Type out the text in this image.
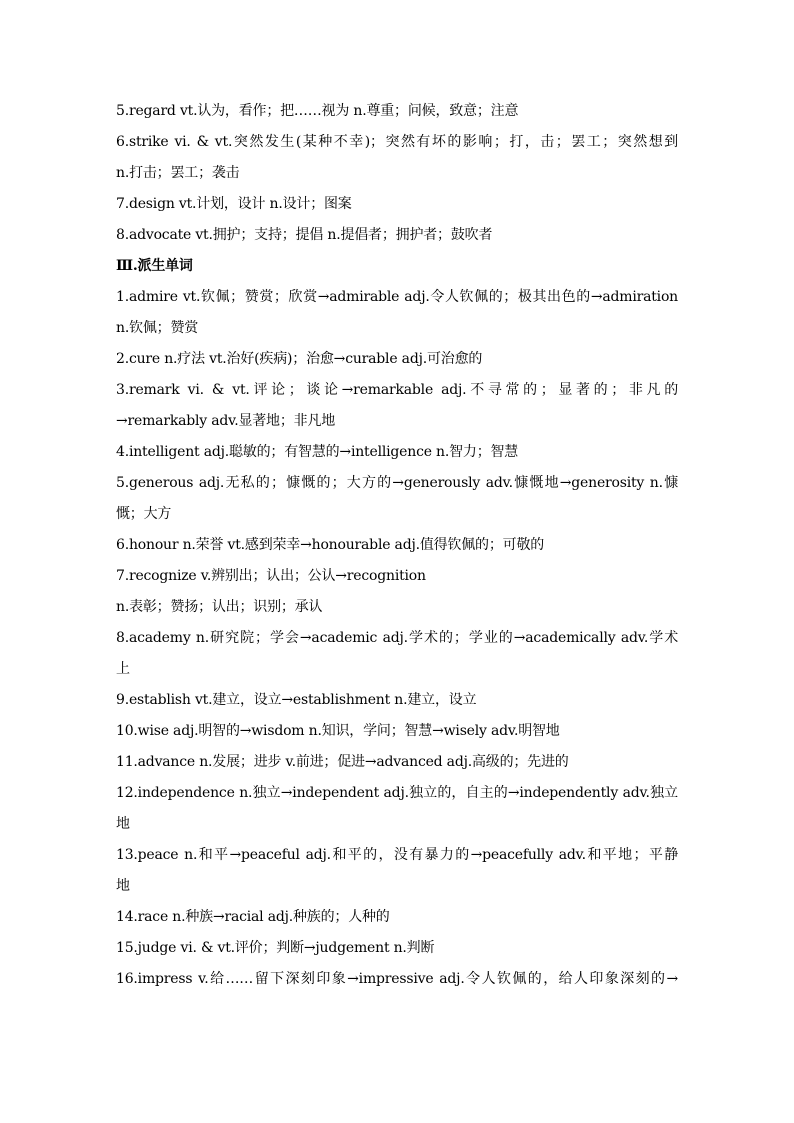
5.regard vt.认为，看作；把……视为 n.尊重；问候，致意；注意
6.strike vi. & vt.突然发生(某种不幸)；突然有坏的影响；打，击；罢工；突然想到
n.打击；罢工；袭击
7.design vt.计划，设计 n.设计；图案
8.advocate vt.拥护；支持；提倡 n.提倡者；拥护者；鼓吹者
Ⅲ.派生单词
1.admire vt.钦佩；赞赏；欣赏→admirable adj.令人钦佩的；极其出色的→admiration
n.钦佩；赞赏
2.cure n.疗法 vt.治好(疾病)；治愈→curable adj.可治愈的
3.remark vi. & vt.评论；谈论→remarkable adj.不寻常的；显著的；非凡的
→remarkably adv.显著地；非凡地
4.intelligent adj.聪敏的；有智慧的→intelligence n.智力；智慧
5.generous adj.无私的；慷慨的；大方的→generously adv.慷慨地→generosity n.慷
慨；大方
6.honour n.荣誉 vt.感到荣幸→honourable adj.值得钦佩的；可敬的
7.recognize v.辨别出；认出；公认→recognition
n.表彰；赞扬；认出；识别；承认
8.academy n.研究院；学会→academic adj.学术的；学业的→academically adv.学术
上
9.establish vt.建立，设立→establishment n.建立，设立
10.wise adj.明智的→wisdom n.知识，学问；智慧→wisely adv.明智地
11.advance n.发展；进步 v.前进；促进→advanced adj.高级的；先进的
12.independence n.独立→independent adj.独立的，自主的→independently adv.独立
地
13.peace n.和平→peaceful adj.和平的，没有暴力的→peacefully adv.和平地；平静
地
14.race n.种族→racial adj.种族的；人种的
15.judge vi. & vt.评价；判断→judgement n.判断
16.impress v.给……留下深刻印象→impressive adj.令人钦佩的，给人印象深刻的→
